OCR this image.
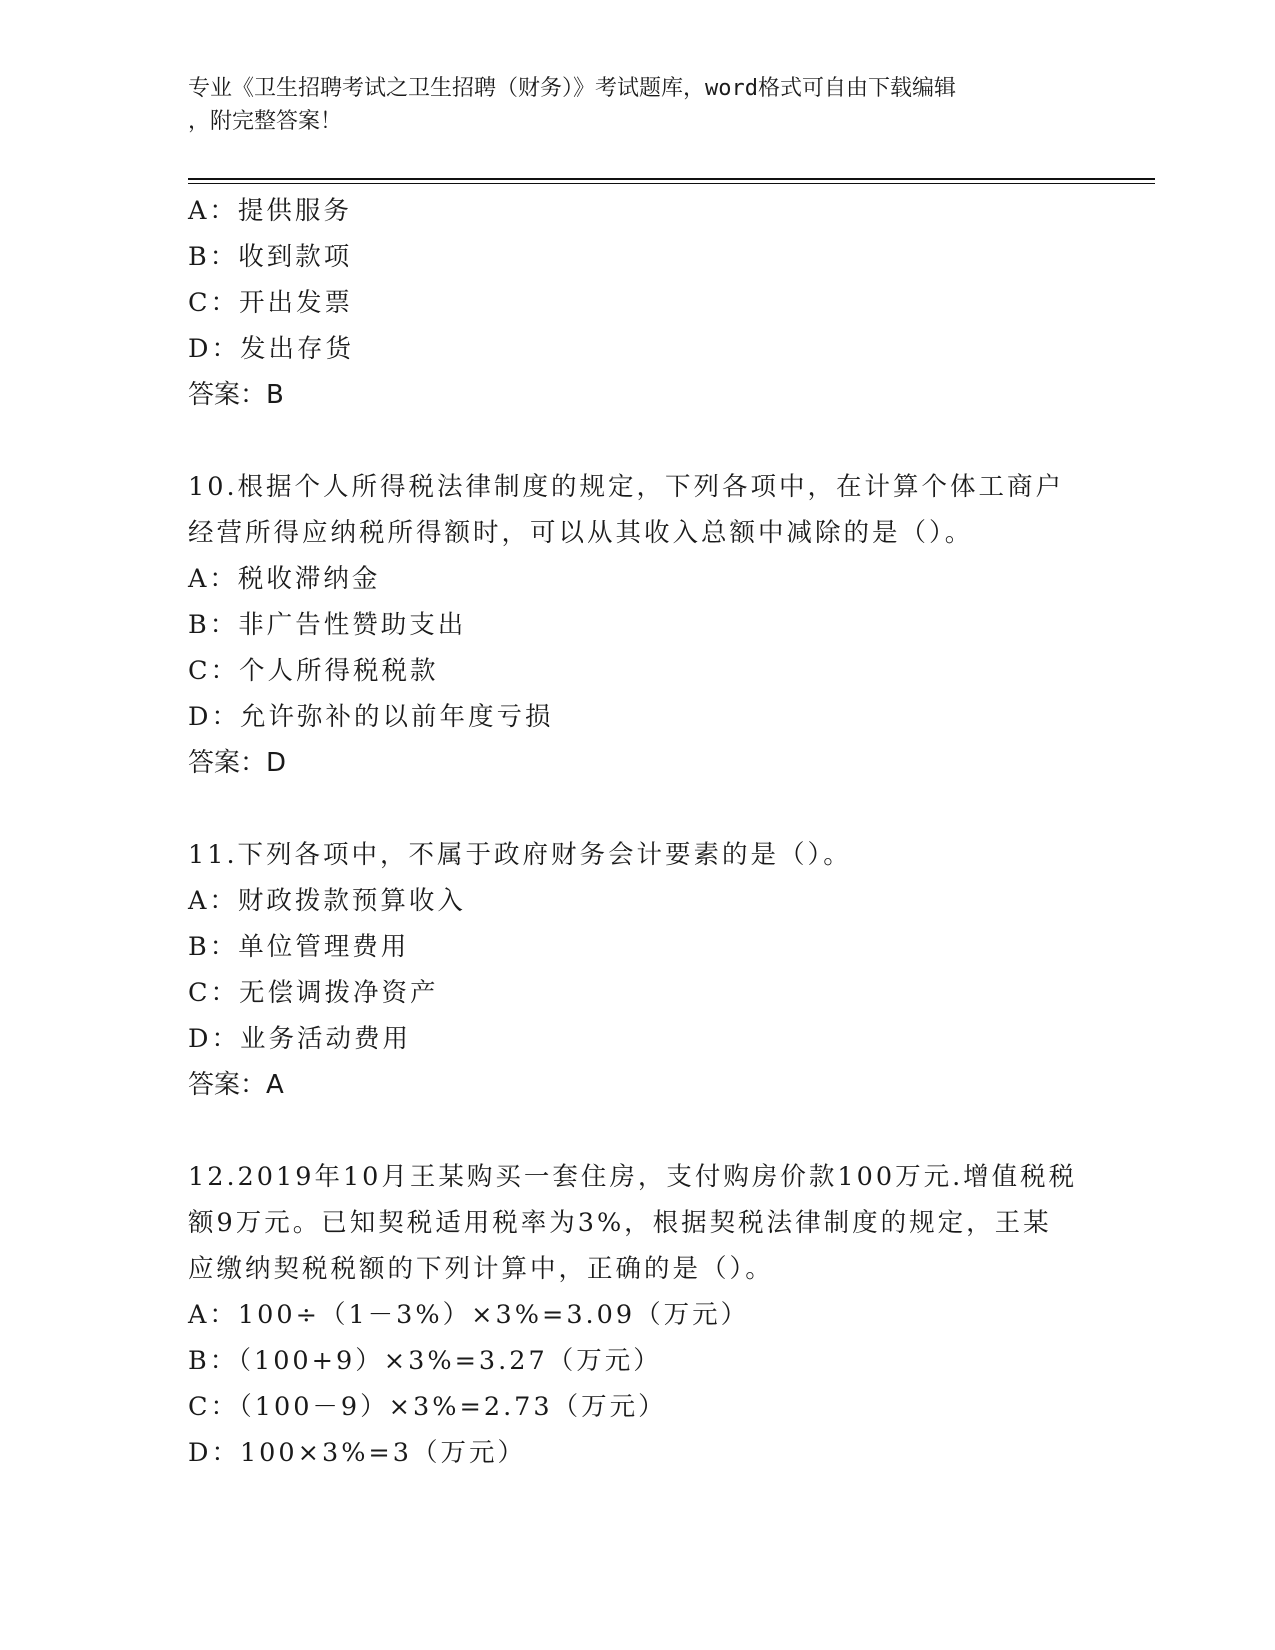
专业《卫生招聘考试之卫生招聘（财务）》考试题库，word格式可自由下载编辑
，附完整答案！
A：提供服务
B：收到款项
C：开出发票
D：发出存货
答案：B
10.根据个人所得税法律制度的规定，下列各项中，在计算个体工商户
经营所得应纳税所得额时，可以从其收入总额中减除的是（）。
A：税收滞纳金
B：非广告性赞助支出
C：个人所得税税款
D：允许弥补的以前年度亏损
答案：D
11.下列各项中，不属于政府财务会计要素的是（）。
A：财政拨款预算收入
B：单位管理费用
C：无偿调拨净资产
D：业务活动费用
答案：A
12.2019年10月王某购买一套住房，支付购房价款100万元.增值税税
额9万元。已知契税适用税率为3%，根据契税法律制度的规定，王某
应缴纳契税税额的下列计算中，正确的是（）。
A：100÷（1－3%）×3%=3.09（万元）
B：（100+9）×3%=3.27（万元）
C：（100－9）×3%=2.73（万元）
D：100×3%=3（万元）
